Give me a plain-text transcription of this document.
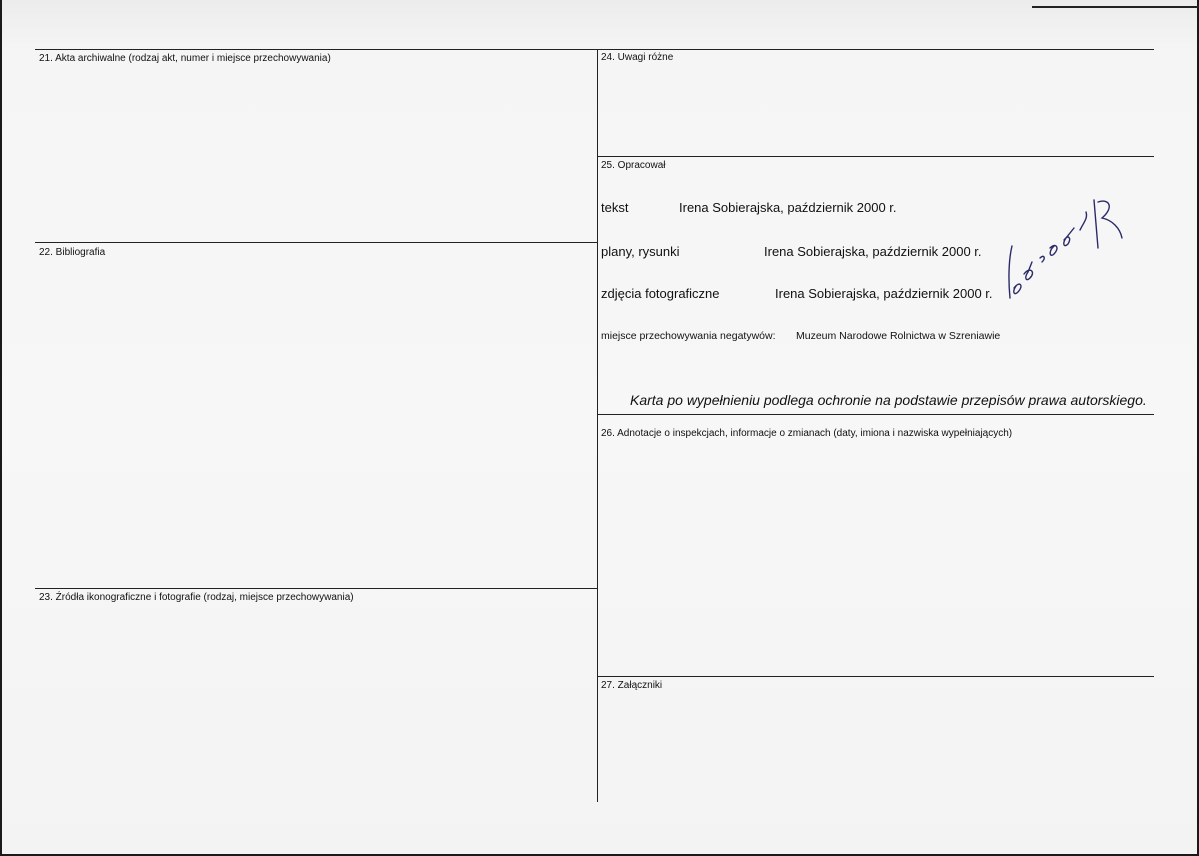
21. Akta archiwalne (rodzaj akt, numer i miejsce przechowywania)
22. Bibliografia
23. Źródła ikonograficzne i fotografie (rodzaj, miejsce przechowywania)
24. Uwagi różne
25. Opracował
tekst	Irena Sobierajska, październik 2000 r.
plany, rysunki	Irena Sobierajska, październik 2000 r.
zdjęcia fotograficzne	Irena Sobierajska, październik 2000 r.
miejsce przechowywania negatywów: Muzeum Narodowe Rolnictwa w Szreniawie
Karta po wypełnieniu podlega ochronie na podstawie przepisów prawa autorskiego.
26. Adnotacje o inspekcjach, informacje o zmianach (daty, imiona i nazwiska wypełniających)
27. Załączniki
